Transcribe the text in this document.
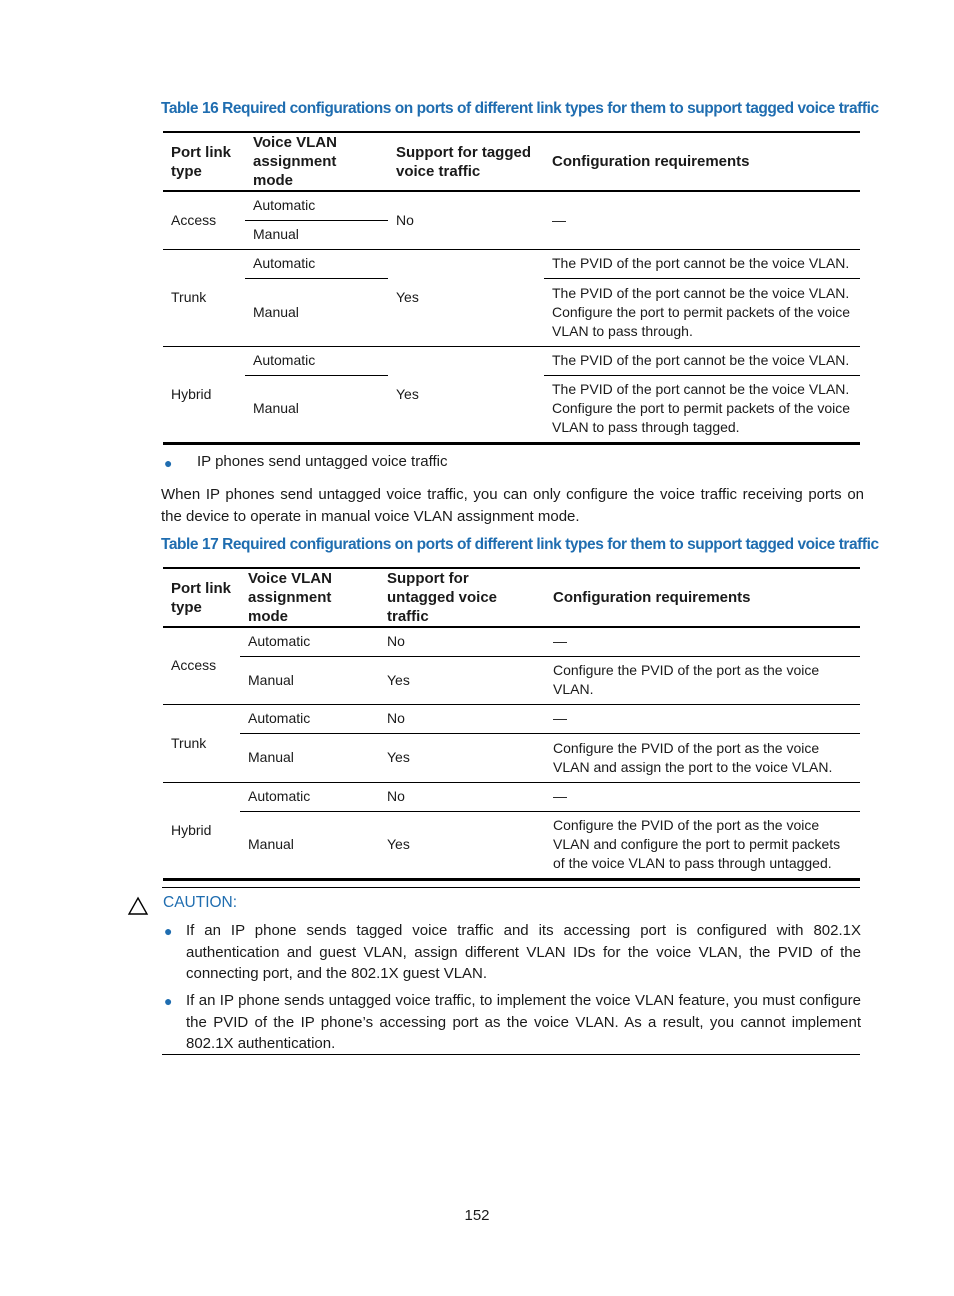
Table 16 Required configurations on ports of different link types for them to support tagged voice traffic
Port link type	Voice VLAN assignment mode	Support for tagged voice traffic	Configuration requirements
Access	Automatic	No	—
	Manual		
Trunk	Automatic	Yes	The PVID of the port cannot be the voice VLAN.
	Manual		The PVID of the port cannot be the voice VLAN. Configure the port to permit packets of the voice VLAN to pass through.
Hybrid	Automatic	Yes	The PVID of the port cannot be the voice VLAN.
	Manual		The PVID of the port cannot be the voice VLAN. Configure the port to permit packets of the voice VLAN to pass through tagged.
● IP phones send untagged voice traffic
When IP phones send untagged voice traffic, you can only configure the voice traffic receiving ports on the device to operate in manual voice VLAN assignment mode.
Table 17 Required configurations on ports of different link types for them to support tagged voice traffic
Port link type	Voice VLAN assignment mode	Support for untagged voice traffic	Configuration requirements
Access	Automatic	No	—
	Manual	Yes	Configure the PVID of the port as the voice VLAN.
Trunk	Automatic	No	—
	Manual	Yes	Configure the PVID of the port as the voice VLAN and assign the port to the voice VLAN.
Hybrid	Automatic	No	—
	Manual	Yes	Configure the PVID of the port as the voice VLAN and configure the port to permit packets of the voice VLAN to pass through untagged.
CAUTION:
● If an IP phone sends tagged voice traffic and its accessing port is configured with 802.1X authentication and guest VLAN, assign different VLAN IDs for the voice VLAN, the PVID of the connecting port, and the 802.1X guest VLAN.
● If an IP phone sends untagged voice traffic, to implement the voice VLAN feature, you must configure the PVID of the IP phone’s accessing port as the voice VLAN. As a result, you cannot implement 802.1X authentication.
152
